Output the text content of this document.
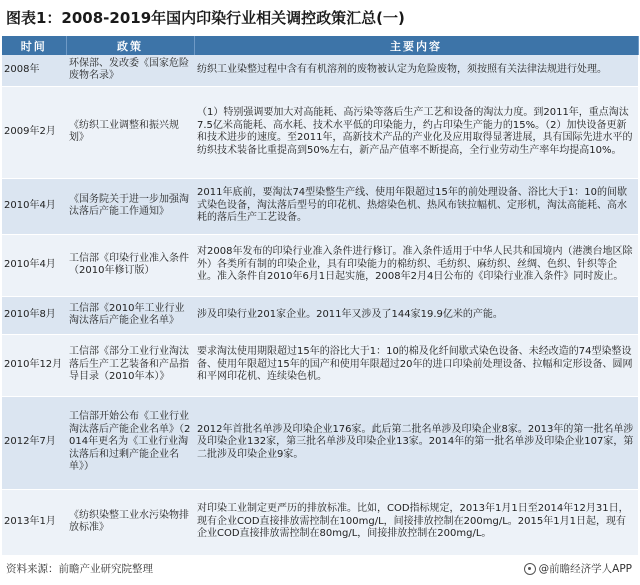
图表1：2008-2019年国内印染行业相关调控政策汇总(一)
时间	政策	主要内容
2008年	环保部、发改委《国家危险废物名录》	纺织工业染整过程中含有有机溶剂的废物被认定为危险废物，须按照有关法律法规进行处理。
2009年2月	《纺织工业调整和振兴规划》	（1）特别强调要加大对高能耗、高污染等落后生产工艺和设备的淘汰力度。到2011年，重点淘汰7.5亿米高能耗、高水耗、技术水平低的印染能力，约占印染生产能力的15%。（2）加快设备更新和技术进步的速度。至2011年，高新技术产品的产业化及应用取得显著进展，具有国际先进水平的纺织技术装备比重提高到50%左右，新产品产值率不断提高，全行业劳动生产率年均提高10%。
2010年4月	《国务院关于进一步加强淘汰落后产能工作通知》	2011年底前，要淘汰74型染整生产线、使用年限超过15年的前处理设备、浴比大于1：10的间歇式染色设备，淘汰落后型号的印花机、热熔染色机、热风布铗拉幅机、定形机，淘汰高能耗、高水耗的落后生产工艺设备。
2010年4月	工信部《印染行业准入条件（2010年修订版）	对2008年发布的印染行业准入条件进行修订。准入条件适用于中华人民共和国境内（港澳台地区除外）各类所有制的印染企业，具有印染能力的棉纺织、毛纺织、麻纺织、丝绸、色织、针织等企业。准入条件自2010年6月1日起实施，2008年2月4日公布的《印染行业准入条件》同时废止。
2010年8月	工信部《2010年工业行业淘汰落后产能企业名单》	涉及印染行业201家企业。2011年又涉及了144家19.9亿米的产能。
2010年12月	工信部《部分工业行业淘汰落后生产工艺装备和产品指导目录（2010年本）》	要求淘汰使用期限超过15年的浴比大于1：10的棉及化纤间歇式染色设备、未经改造的74型染整设备、使用年限超过15年的国产和使用年限超过20年的进口印染前处理设备、拉幅和定形设备、圆网和平网印花机、连续染色机。
2012年7月	工信部开始公布《工业行业淘汰落后产能企业名单》（2014年更名为《工业行业淘汰落后和过剩产能企业名单》）	2012年首批名单涉及印染企业176家。此后第二批名单涉及印染企业8家。2013年的第一批名单涉及印染企业132家，第三批名单涉及印染企业13家。2014年的第一批名单涉及印染企业107家，第二批涉及印染企业9家。
2013年1月	《纺织染整工业水污染物排放标准》	对印染工业制定更严历的排放标准。比如，COD指标规定，2013年1月1日至2014年12月31日，现有企业COD直接排放需控制在100mg/L，间接排放控制在200mg/L。2015年1月1日起，现有企业COD直接排放需控制在80mg/L，间接排放控制在200mg/L。
资料来源：前瞻产业研究院整理	@前瞻经济学人APP
